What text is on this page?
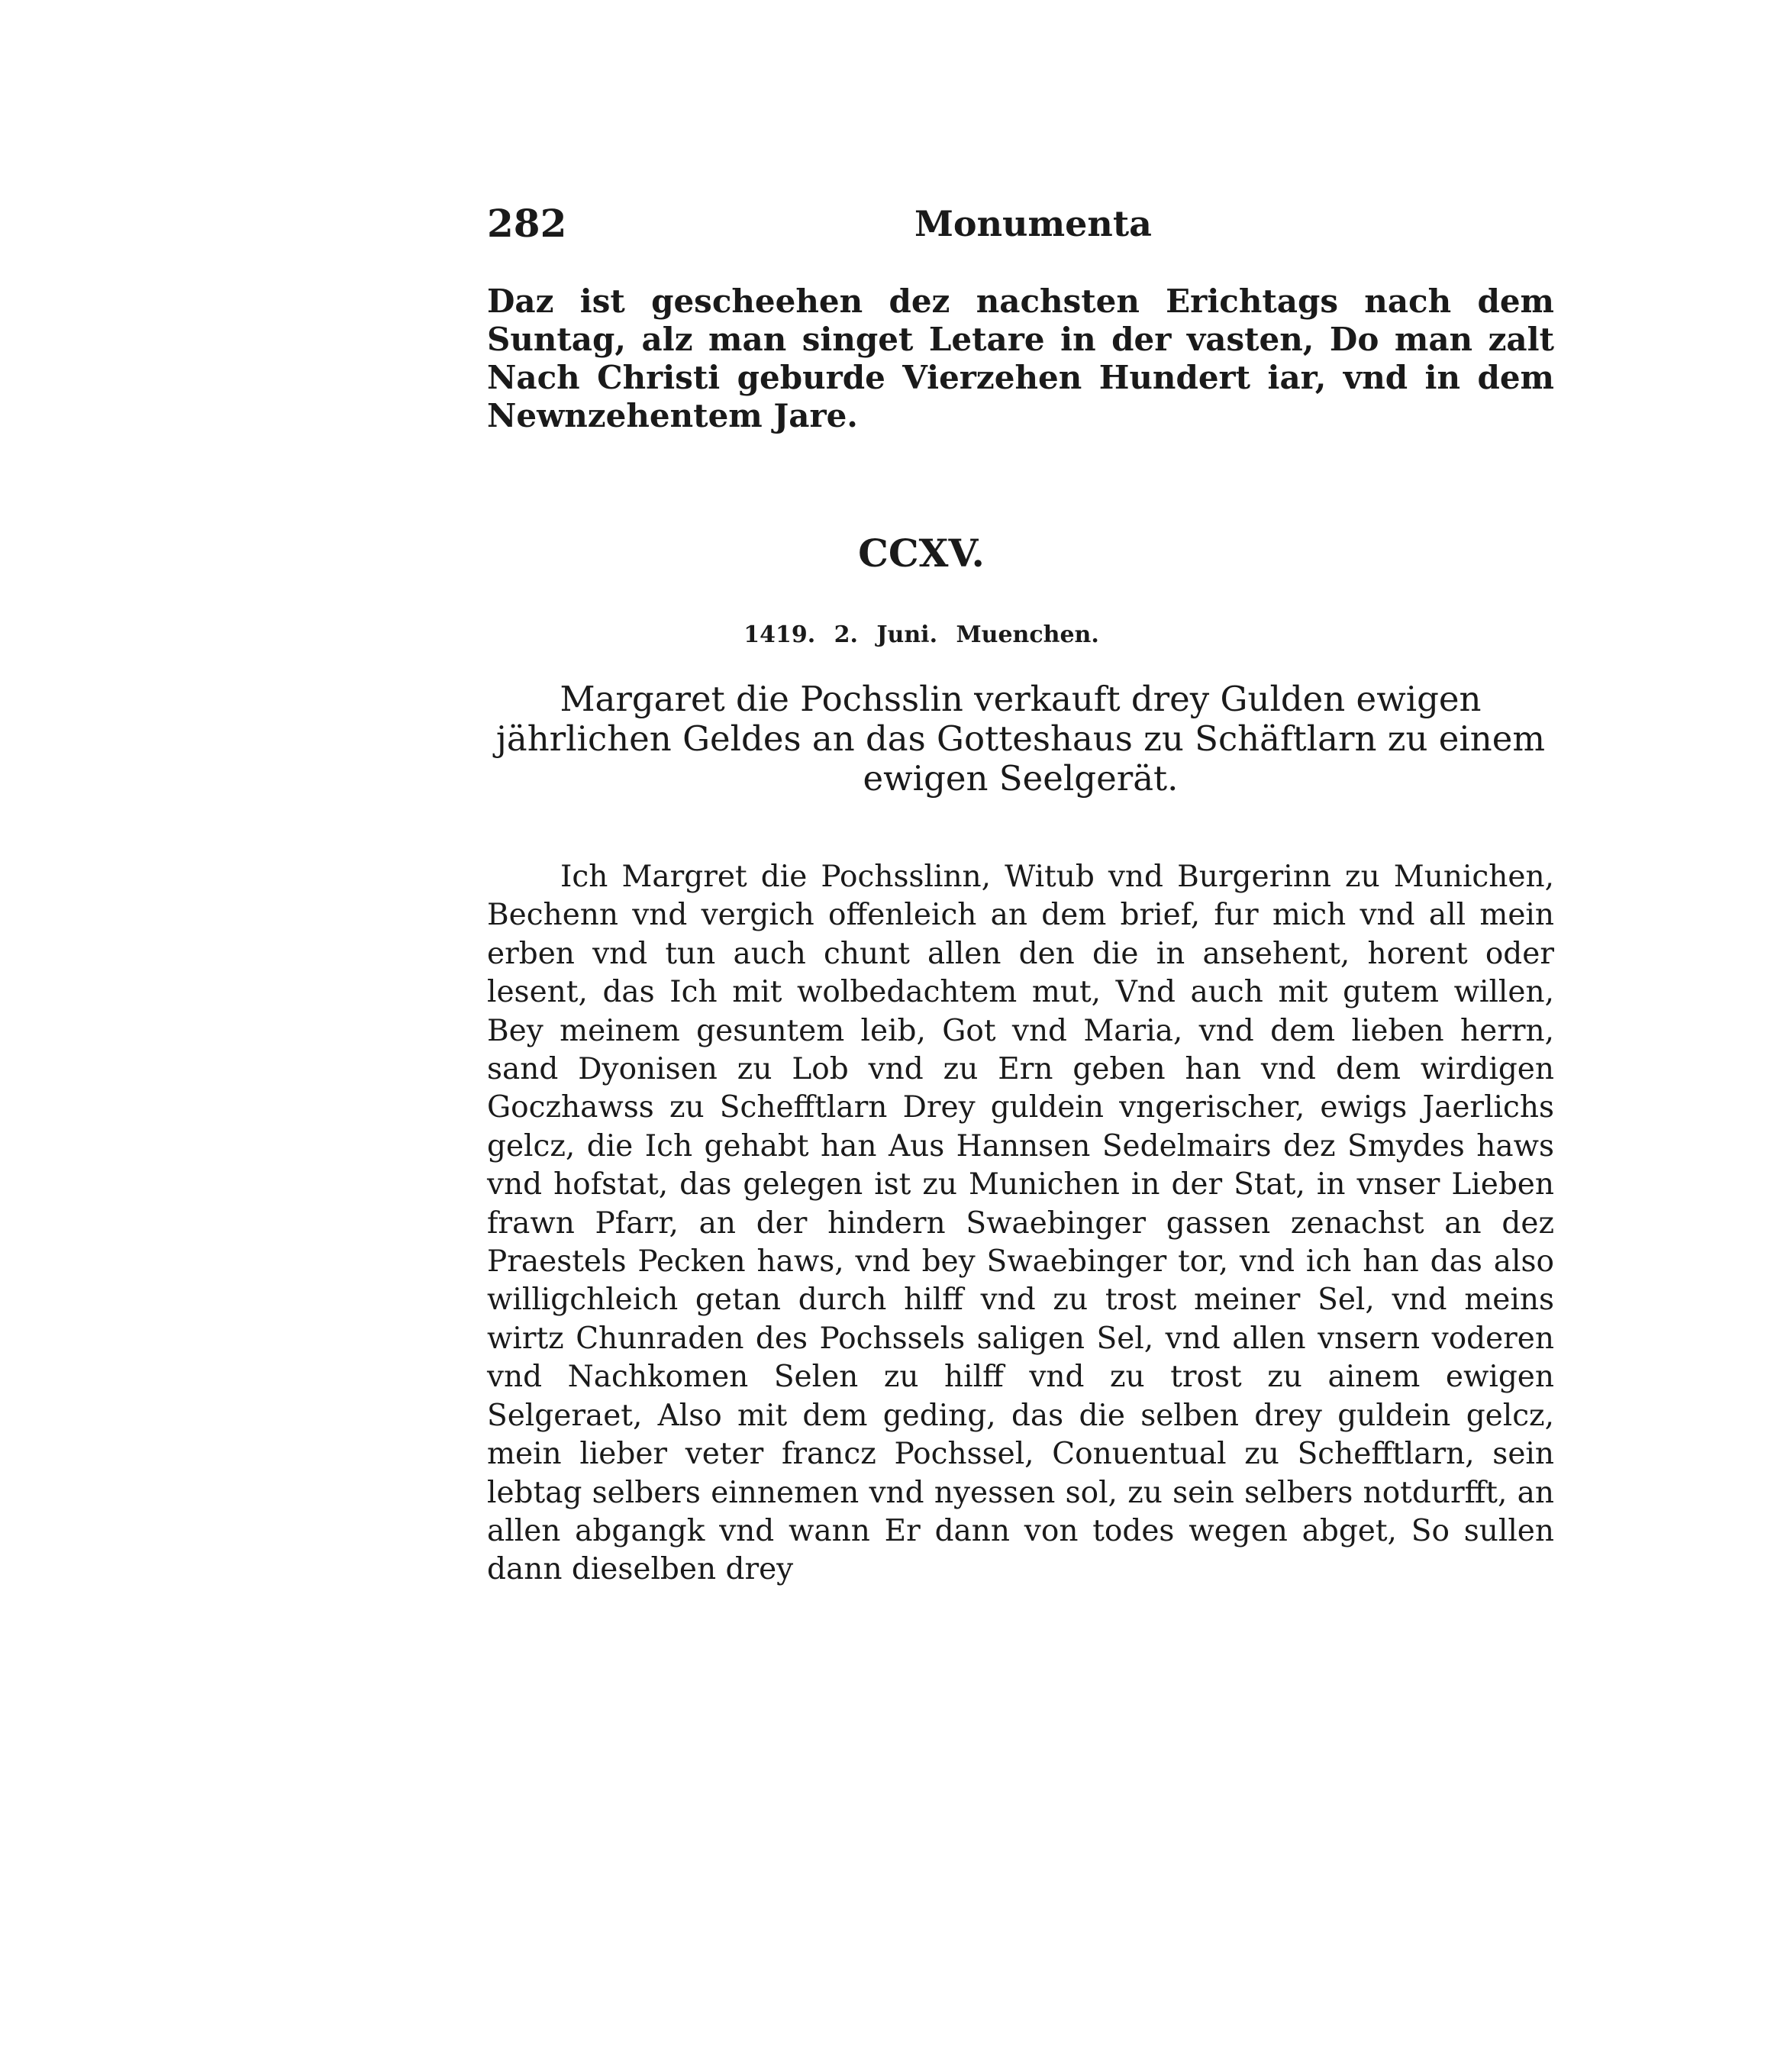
282	Monumenta

Daz ist gescheehen dez nachsten Erichtags nach dem Suntag, alz man singet Letare in der vasten, Do man zalt Nach Christi geburde Vierzehen Hundert iar, vnd in dem Newnzehentem Jare.

CCXV.
1419. 2. Juni. Muenchen.

Margaret die Pochsslin verkauft drey Gulden ewigen jährlichen Geldes an das Gotteshaus zu Schäftlarn zu einem ewigen Seelgerät.

Ich Margret die Pochsslinn, Witub vnd Burgerinn zu Munichen, Bechenn vnd vergich offenleich an dem brief, fur mich vnd all mein erben vnd tun auch chunt allen den die in ansehent, horent oder lesent, das Ich mit wolbedachtem mut, Vnd auch mit gutem willen, Bey meinem gesuntem leib, Got vnd Maria, vnd dem lieben herrn, sand Dyonisen zu Lob vnd zu Ern geben han vnd dem wirdigen Goczhawss zu Schefftlarn Drey guldein vngerischer, ewigs Jaerlichs gelcz, die Ich gehabt han Aus Hannsen Sedelmairs dez Smydes haws vnd hofstat, das gelegen ist zu Munichen in der Stat, in vnser Lieben frawn Pfarr, an der hindern Swaebinger gassen zenachst an dez Praestels Pecken haws, vnd bey Swaebinger tor, vnd ich han das also willigchleich getan durch hilff vnd zu trost meiner Sel, vnd meins wirtz Chunraden des Pochssels saligen Sel, vnd allen vnsern voderen vnd Nachkomen Selen zu hilff vnd zu trost zu ainem ewigen Selgeraet, Also mit dem geding, das die selben drey guldein gelcz, mein lieber veter francz Pochssel, Conuentual zu Schefftlarn, sein lebtag selbers einnemen vnd nyessen sol, zu sein selbers notdurfft, an allen abgangk vnd wann Er dann von todes wegen abget, So sullen dann dieselben drey
